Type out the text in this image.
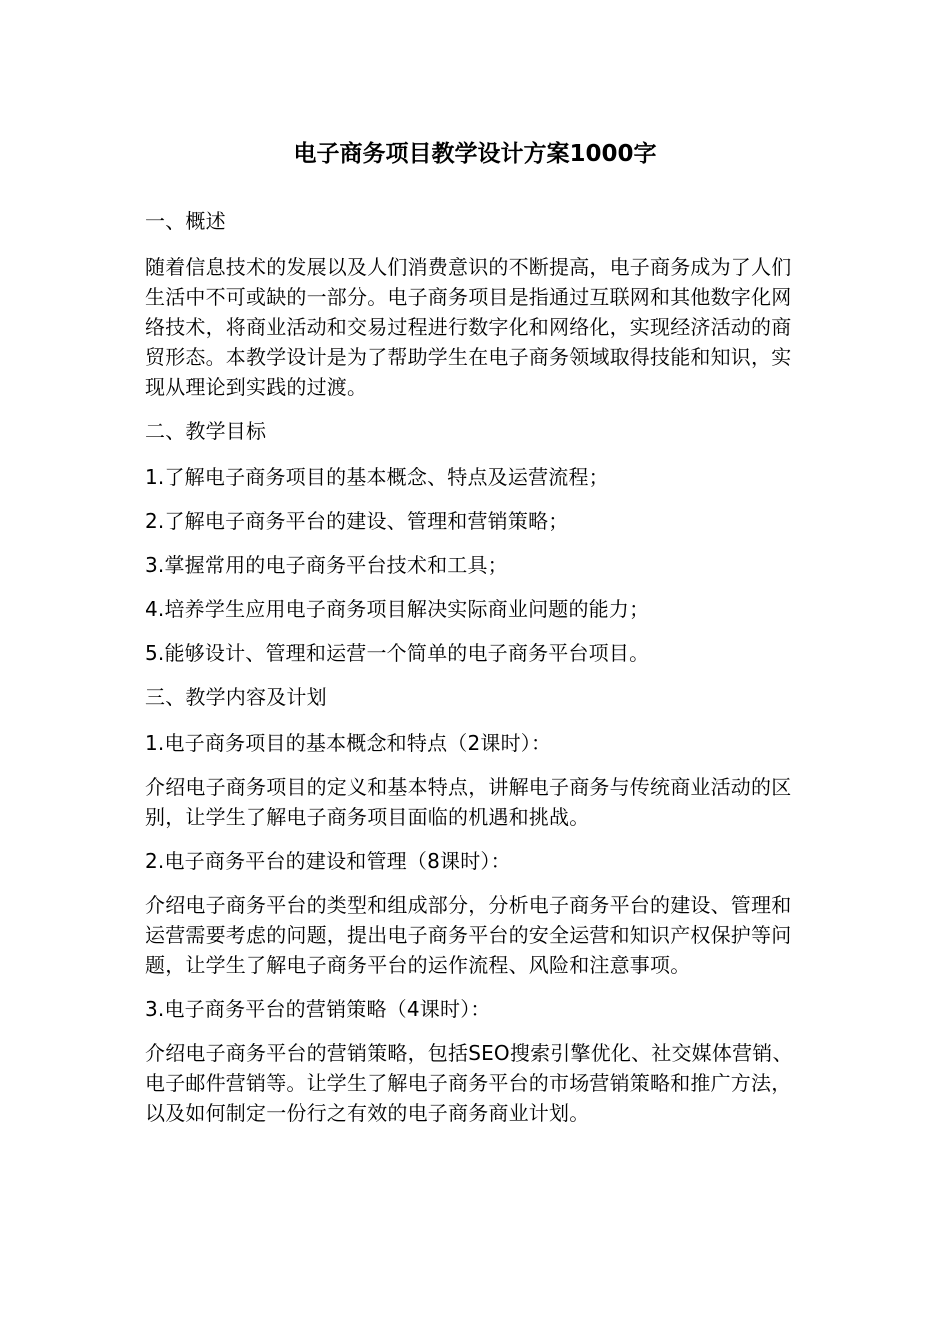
电子商务项目教学设计方案1000字

一、概述

随着信息技术的发展以及人们消费意识的不断提高，电子商务成为了人们生活中不可或缺的一部分。电子商务项目是指通过互联网和其他数字化网络技术，将商业活动和交易过程进行数字化和网络化，实现经济活动的商贸形态。本教学设计是为了帮助学生在电子商务领域取得技能和知识，实现从理论到实践的过渡。

二、教学目标

1.了解电子商务项目的基本概念、特点及运营流程；

2.了解电子商务平台的建设、管理和营销策略；

3.掌握常用的电子商务平台技术和工具；

4.培养学生应用电子商务项目解决实际商业问题的能力；

5.能够设计、管理和运营一个简单的电子商务平台项目。

三、教学内容及计划

1.电子商务项目的基本概念和特点（2课时）：

介绍电子商务项目的定义和基本特点，讲解电子商务与传统商业活动的区别，让学生了解电子商务项目面临的机遇和挑战。

2.电子商务平台的建设和管理（8课时）：

介绍电子商务平台的类型和组成部分，分析电子商务平台的建设、管理和运营需要考虑的问题，提出电子商务平台的安全运营和知识产权保护等问题，让学生了解电子商务平台的运作流程、风险和注意事项。

3.电子商务平台的营销策略（4课时）：

介绍电子商务平台的营销策略，包括SEO搜索引擎优化、社交媒体营销、电子邮件营销等。让学生了解电子商务平台的市场营销策略和推广方法，以及如何制定一份行之有效的电子商务商业计划。
